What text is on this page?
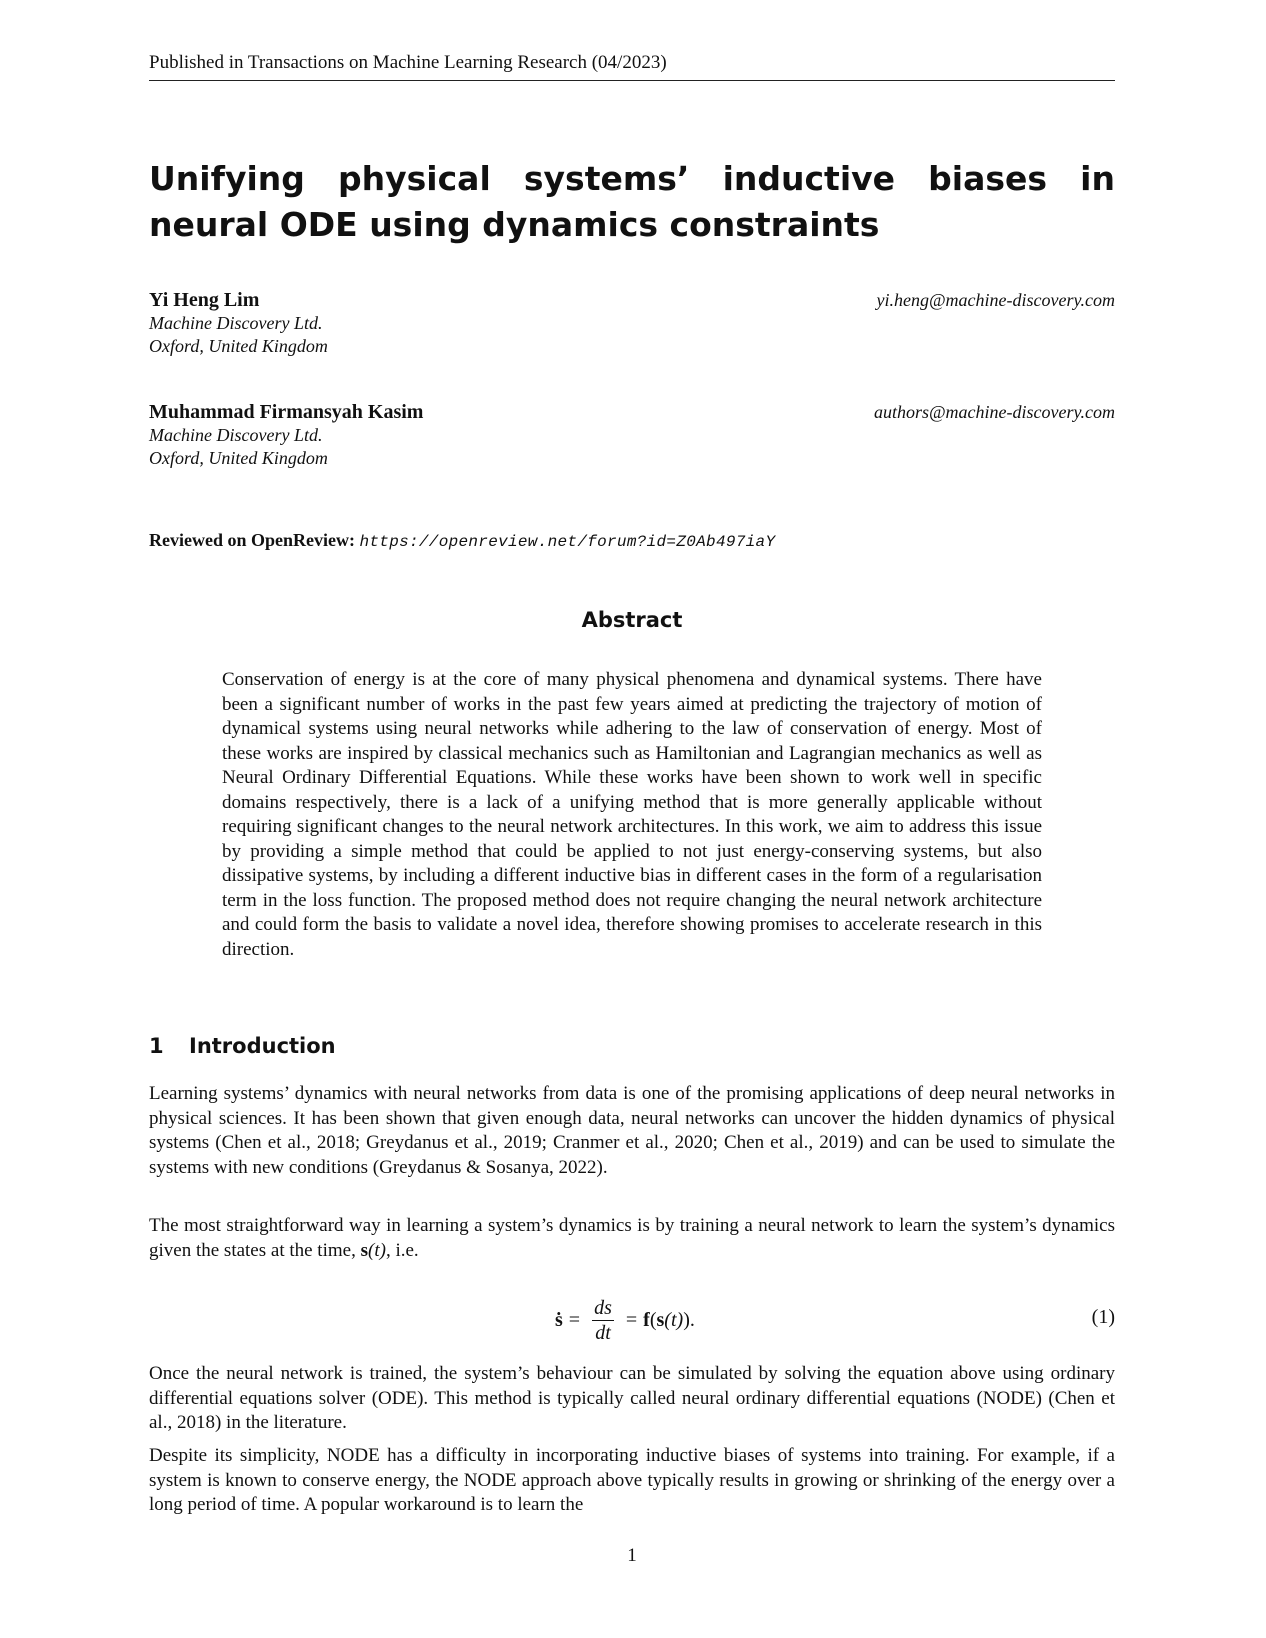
Published in Transactions on Machine Learning Research (04/2023)
Unifying physical systems’ inductive biases in neural ODE using dynamics constraints
Yi Heng Lim
Machine Discovery Ltd.
Oxford, United Kingdom
yi.heng@machine-discovery.com
Muhammad Firmansyah Kasim
Machine Discovery Ltd.
Oxford, United Kingdom
authors@machine-discovery.com
Reviewed on OpenReview: https://openreview.net/forum?id=Z0Ab497iaY
Abstract

Conservation of energy is at the core of many physical phenomena and dynamical systems. There have been a significant number of works in the past few years aimed at predicting the trajectory of motion of dynamical systems using neural networks while adhering to the law of conservation of energy. Most of these works are inspired by classical mechanics such as Hamiltonian and Lagrangian mechanics as well as Neural Ordinary Differential Equations. While these works have been shown to work well in specific domains respectively, there is a lack of a unifying method that is more generally applicable without requiring significant changes to the neural network architectures. In this work, we aim to address this issue by providing a simple method that could be applied to not just energy-conserving systems, but also dissipative systems, by including a different inductive bias in different cases in the form of a regularisation term in the loss function. The proposed method does not require changing the neural network architecture and could form the basis to validate a novel idea, therefore showing promises to accelerate research in this direction.

1 Introduction

Learning systems’ dynamics with neural networks from data is one of the promising applications of deep neural networks in physical sciences. It has been shown that given enough data, neural networks can uncover the hidden dynamics of physical systems (Chen et al., 2018; Greydanus et al., 2019; Cranmer et al., 2020; Chen et al., 2019) and can be used to simulate the systems with new conditions (Greydanus & Sosanya, 2022).

The most straightforward way in learning a system’s dynamics is by training a neural network to learn the system’s dynamics given the states at the time, s(t), i.e.

ṡ = $\frac{ds}{dt} = f$ ( s (t) ).	(1)

Once the neural network is trained, the system’s behaviour can be simulated by solving the equation above using ordinary differential equations solver (ODE). This method is typically called neural ordinary differential equations (NODE) (Chen et al., 2018) in the literature.

Despite its simplicity, NODE has a difficulty in incorporating inductive biases of systems into training. For example, if a system is known to conserve energy, the NODE approach above typically results in growing or shrinking of the energy over a long period of time. A popular workaround is to learn the

1
